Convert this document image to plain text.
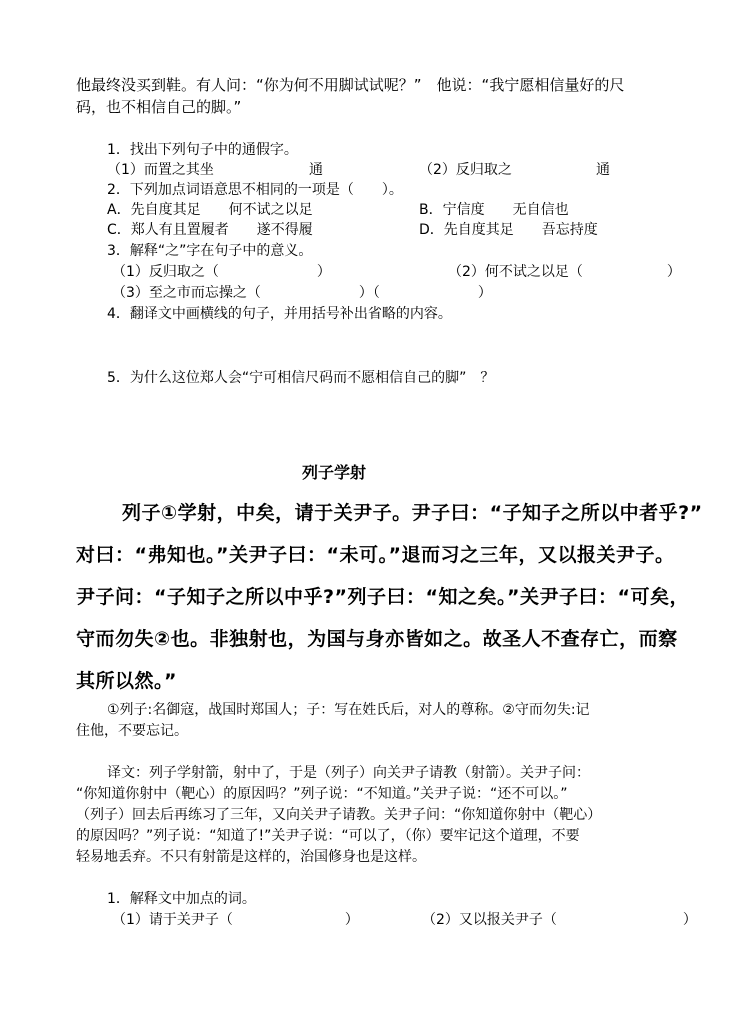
他最终没买到鞋。有人问：“你为何不用脚试试呢？”　他说：“我宁愿相信量好的尺
码，也不相信自己的脚。”
1．找出下列句子中的通假字。
（1）而置之其坐	通	（2）反归取之	通
2．下列加点词语意思不相同的一项是（　　）。
A．先自度其足　　何不试之以足	B．宁信度　　无自信也
C．郑人有且置履者　　遂不得履	D．先自度其足　　吾忘持度
3．解释“之”字在句子中的意义。
（1）反归取之（　　　　　　　）	（2）何不试之以足（　　　　　　）
（3）至之市而忘操之（　　　　　　　）（　　　　　　　）
4．翻译文中画横线的句子，并用括号补出省略的内容。
5．为什么这位郑人会“宁可相信尺码而不愿相信自己的脚”　？
列子学射
列子①学射，中矣，请于关尹子。尹子曰：“子知子之所以中者乎?”
对曰：“弗知也。”关尹子曰：“未可。”退而习之三年，又以报关尹子。
尹子问：“子知子之所以中乎?”列子曰：“知之矣。”关尹子曰：“可矣，
守而勿失②也。非独射也，为国与身亦皆如之。故圣人不查存亡，而察
其所以然。”
①列子:名御寇，战国时郑国人；子：写在姓氏后，对人的尊称。②守而勿失:记
住他，不要忘记。
译文：列子学射箭，射中了，于是（列子）向关尹子请教（射箭）。关尹子问：
“你知道你射中（靶心）的原因吗？”列子说：“不知道。”关尹子说：“还不可以。”
（列子）回去后再练习了三年，又向关尹子请教。关尹子问：“你知道你射中（靶心）
的原因吗？”列子说：“知道了!”关尹子说：“可以了，（你）要牢记这个道理，不要
轻易地丢弃。不只有射箭是这样的，治国修身也是这样。
1．解释文中加点的词。
（1）请于关尹子（　　　　　　　　）	（2）又以报关尹子（　　　　　　　　　）
